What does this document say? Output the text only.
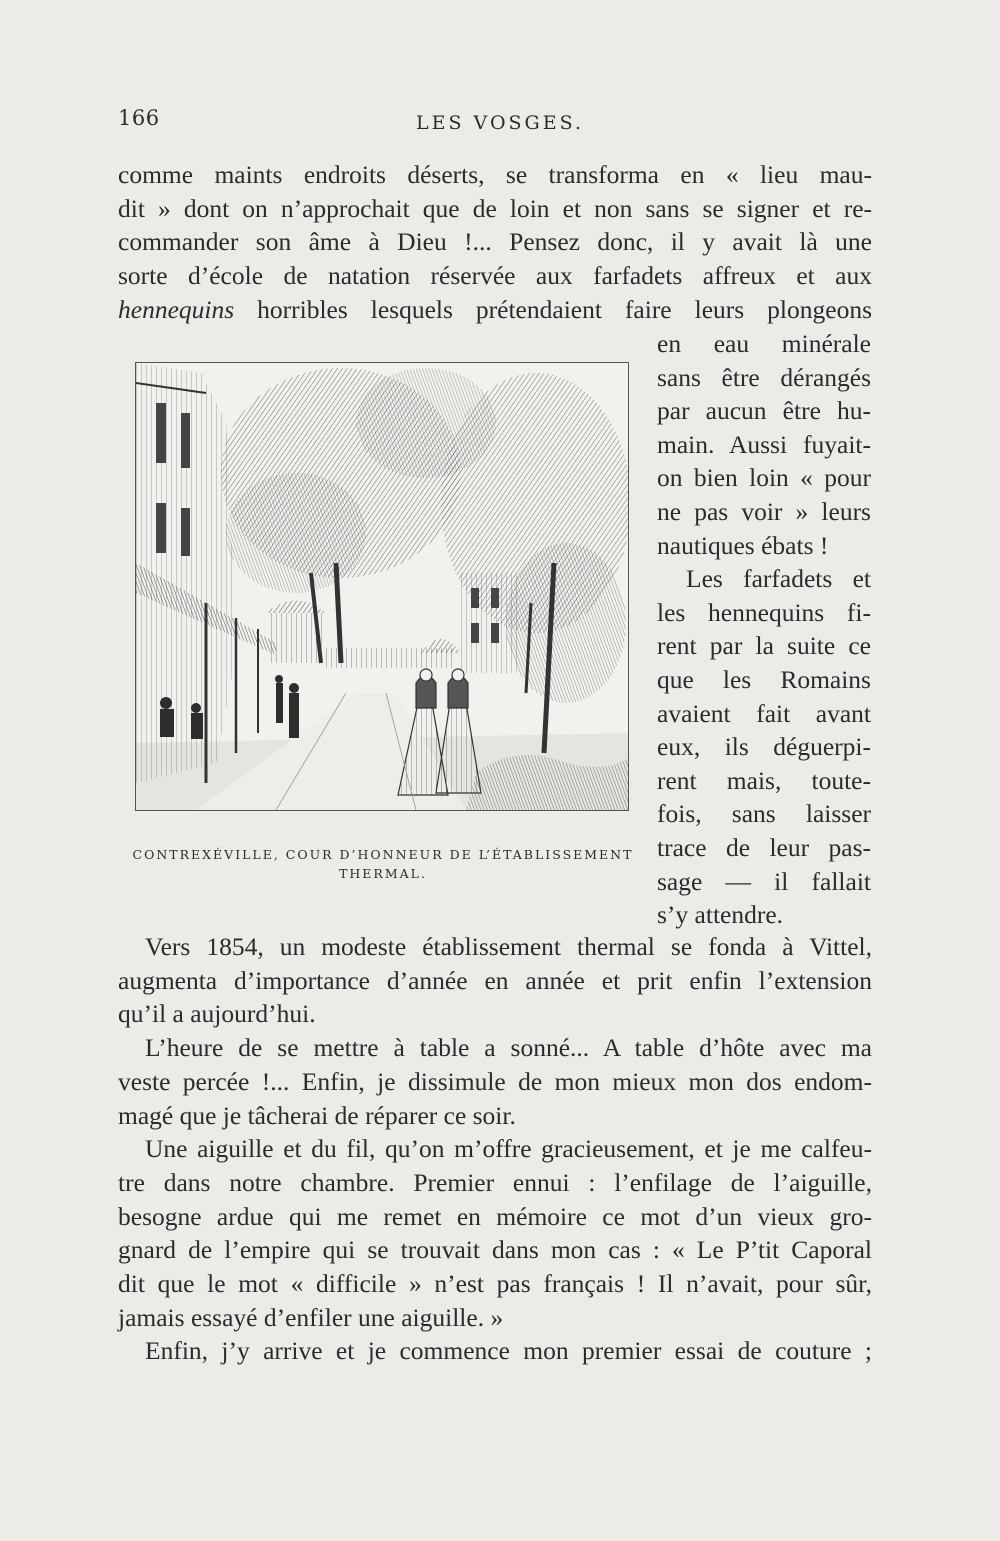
166	LES VOSGES.
comme maints endroits déserts, se transforma en « lieu mau-
dit » dont on n’approchait que de loin et non sans se signer et re-
commander son âme à Dieu !... Pensez donc, il y avait là une
sorte d’école de natation réservée aux farfadets affreux et aux
hennequins horribles lesquels prétendaient faire leurs plongeons
en eau minérale
sans être dérangés
par aucun être hu-
main. Aussi fuyait-
on bien loin « pour
ne pas voir » leurs
nautiques ébats !
Les farfadets et
les hennequins fi-
rent par la suite ce
que les Romains
avaient fait avant
eux, ils déguerpi-
rent mais, toute-
fois, sans laisser
trace de leur pas-
sage — il fallait
s’y attendre.
CONTREXÉVILLE, COUR D’HONNEUR DE L’ÉTABLISSEMENT
THERMAL.
Vers 1854, un modeste établissement thermal se fonda à Vittel,
augmenta d’importance d’année en année et prit enfin l’extension
qu’il a aujourd’hui.
L’heure de se mettre à table a sonné... A table d’hôte avec ma
veste percée !... Enfin, je dissimule de mon mieux mon dos endom-
magé que je tâcherai de réparer ce soir.
Une aiguille et du fil, qu’on m’offre gracieusement, et je me calfeu-
tre dans notre chambre. Premier ennui : l’enfilage de l’aiguille,
besogne ardue qui me remet en mémoire ce mot d’un vieux gro-
gnard de l’empire qui se trouvait dans mon cas : « Le P’tit Caporal
dit que le mot « difficile » n’est pas français ! Il n’avait, pour sûr,
jamais essayé d’enfiler une aiguille. »
Enfin, j’y arrive et je commence mon premier essai de couture ;
